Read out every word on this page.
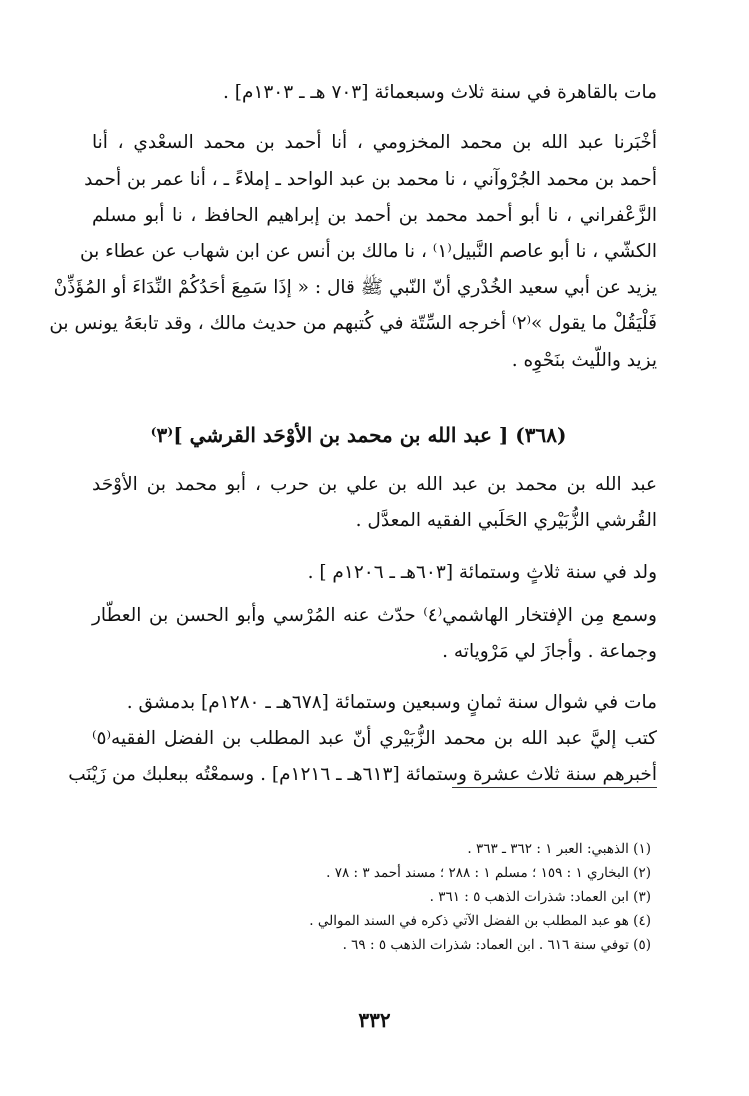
مات بالقاهرة في سنة ثلاث وسبعمائة [٧٠٣ هـ ـ ١٣٠٣م] .
أخْبَرنا عبد الله بن محمد المخزومي ، أنا أحمد بن محمد السعْدي ، أنا
أحمد بن محمد الجُرْوآني ، نا محمد بن عبد الواحد ـ إملاءً ـ ، أنا عمر بن أحمد
الزَّعْفراني ، نا أبو أحمد محمد بن أحمد بن إبراهيم الحافظ ، نا أبو مسلم
الكشّي ، نا أبو عاصم النَّبيل⁽١⁾ ، نا مالك بن أنس عن ابن شهاب عن عطاء بن
يزيد عن أبي سعيد الخُدْري أنّ النّبي ﷺ قال : « إذَا سَمِعَ أحَدُكُمْ النِّدَاءَ أو المُؤَذِّنْ
فَلْيَقُلْ ما يقول »⁽٢⁾ أخرجه السِّتّة في كُتبهم من حديث مالك ، وقد تابعَهُ يونس بن
يزيد واللّيث بنَحْوِه .
(٣٦٨) [ عبد الله بن محمد بن الأوْحَد القرشي ]⁽٣⁾
عبد الله بن محمد بن عبد الله بن علي بن حرب ، أبو محمد بن الأوْحَد
القُرشي الزُّبَيْري الحَلَبي الفقيه المعدَّل .
ولد في سنة ثلاثٍ وستمائة [٦٠٣هـ ـ ١٢٠٦م ] .
وسمع مِن الإفتخار الهاشمي⁽٤⁾ حدّث عنه المُرْسي وأبو الحسن بن العطّار
وجماعة . وأجازَ لي مَرْوياته .
مات في شوال سنة ثمانٍ وسبعين وستمائة [٦٧٨هـ ـ ١٢٨٠م] بدمشق .
كتب إليَّ عبد الله بن محمد الزُّبَيْري أنّ عبد المطلب بن الفضل الفقيه⁽٥⁾
أخبرهم سنة ثلاث عشرة وستمائة [٦١٣هـ ـ ١٢١٦م] . وسمعْتُه ببعلبك من زَيْنَب
(١) الذهبي: العبر ١ : ٣٦٢ ـ ٣٦٣ .
(٢) البخاري ١ : ١٥٩ ؛ مسلم ١ : ٢٨٨ ؛ مسند أحمد ٣ : ٧٨ .
(٣) ابن العماد: شذرات الذهب ٥ : ٣٦١ .
(٤) هو عبد المطلب بن الفضل الآتي ذكره في السند الموالي .
(٥) توفي سنة ٦١٦ . ابن العماد: شذرات الذهب ٥ : ٦٩ .
٣٣٢
